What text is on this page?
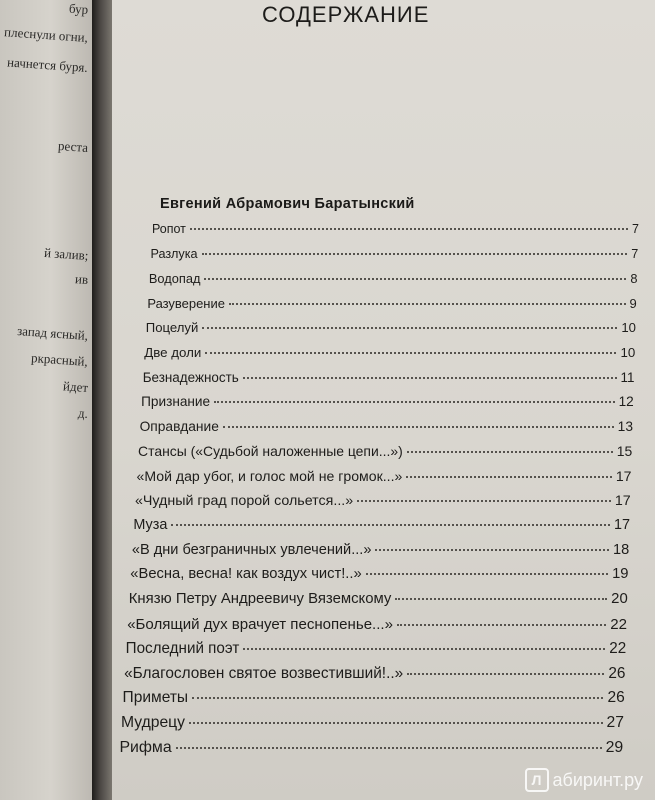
бур
плеснули огни,
начнется буря.
реста
й залив;
ив
запад ясный,
ркрасный,
йдет
д.
СОДЕРЖАНИЕ
Евгений Абрамович Баратынский
Ропот	7
Разлука	7
Водопад	8
Разуверение	9
Поцелуй	10
Две доли	10
Безнадежность	11
Признание	12
Оправдание	13
Стансы («Судьбой наложенные цепи...»)	15
«Мой дар убог, и голос мой не громок...»	17
«Чудный град порой сольется...»	17
Муза	17
«В дни безграничных увлечений...»	18
«Весна, весна! как воздух чист!..»	19
Князю Петру Андреевичу Вяземскому	20
«Болящий дух врачует песнопенье...»	22
Последний поэт	22
«Благословен святое возвестивший!..»	26
Приметы	26
Мудрецу	27
Рифма	29
Л абиринт.ру
